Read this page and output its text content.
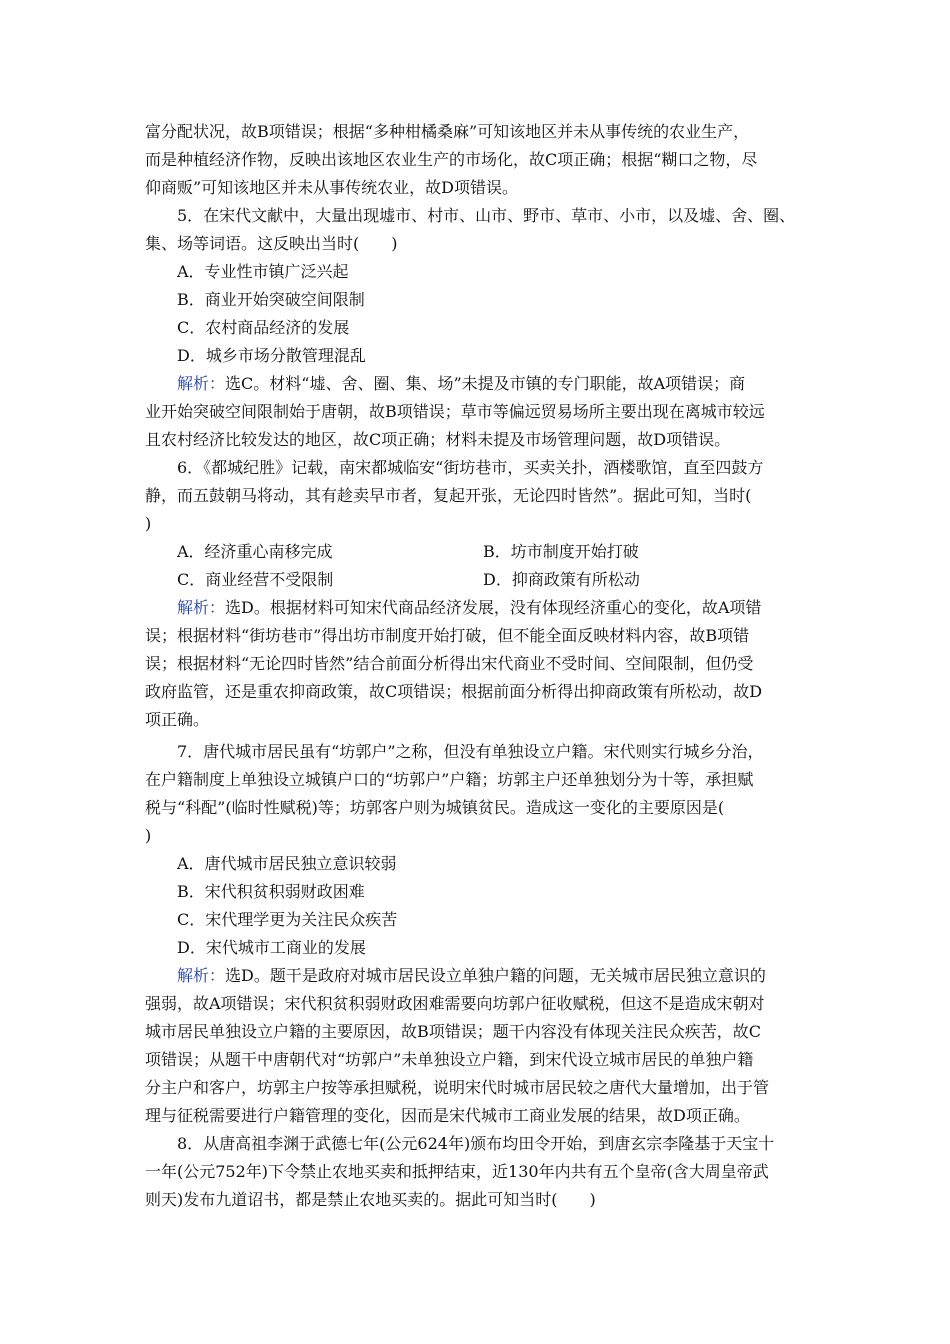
富分配状况，故B项错误；根据“多种柑橘桑麻”可知该地区并未从事传统的农业生产，
而是种植经济作物，反映出该地区农业生产的市场化，故C项正确；根据“糊口之物，尽
仰商贩”可知该地区并未从事传统农业，故D项错误。
5．在宋代文献中，大量出现墟市、村市、山市、野市、草市、小市，以及墟、舍、圈、
集、场等词语。这反映出当时(　　)
A．专业性市镇广泛兴起
B．商业开始突破空间限制
C．农村商品经济的发展
D．城乡市场分散管理混乱
解析：选C。材料“墟、舍、圈、集、场”未提及市镇的专门职能，故A项错误；商
业开始突破空间限制始于唐朝，故B项错误；草市等偏远贸易场所主要出现在离城市较远
且农村经济比较发达的地区，故C项正确；材料未提及市场管理问题，故D项错误。
6．《都城纪胜》记载，南宋都城临安“街坊巷市，买卖关扑，酒楼歌馆，直至四鼓方
静，而五鼓朝马将动，其有趁卖早市者，复起开张，无论四时皆然”。据此可知，当时(
)
A．经济重心南移完成	B．坊市制度开始打破
C．商业经营不受限制	D．抑商政策有所松动
解析：选D。根据材料可知宋代商品经济发展，没有体现经济重心的变化，故A项错
误；根据材料“街坊巷市”得出坊市制度开始打破，但不能全面反映材料内容，故B项错
误；根据材料“无论四时皆然”结合前面分析得出宋代商业不受时间、空间限制，但仍受
政府监管，还是重农抑商政策，故C项错误；根据前面分析得出抑商政策有所松动，故D
项正确。
7．唐代城市居民虽有“坊郭户”之称，但没有单独设立户籍。宋代则实行城乡分治，
在户籍制度上单独设立城镇户口的“坊郭户”户籍；坊郭主户还单独划分为十等，承担赋
税与“科配”(临时性赋税)等；坊郭客户则为城镇贫民。造成这一变化的主要原因是(
)
A．唐代城市居民独立意识较弱
B．宋代积贫积弱财政困难
C．宋代理学更为关注民众疾苦
D．宋代城市工商业的发展
解析：选D。题干是政府对城市居民设立单独户籍的问题，无关城市居民独立意识的
强弱，故A项错误；宋代积贫积弱财政困难需要向坊郭户征收赋税，但这不是造成宋朝对
城市居民单独设立户籍的主要原因，故B项错误；题干内容没有体现关注民众疾苦，故C
项错误；从题干中唐朝代对“坊郭户”未单独设立户籍，到宋代设立城市居民的单独户籍
分主户和客户，坊郭主户按等承担赋税，说明宋代时城市居民较之唐代大量增加，出于管
理与征税需要进行户籍管理的变化，因而是宋代城市工商业发展的结果，故D项正确。
8．从唐高祖李渊于武德七年(公元624年)颁布均田令开始，到唐玄宗李隆基于天宝十
一年(公元752年)下令禁止农地买卖和抵押结束，近130年内共有五个皇帝(含大周皇帝武
则天)发布九道诏书，都是禁止农地买卖的。据此可知当时(　　)
